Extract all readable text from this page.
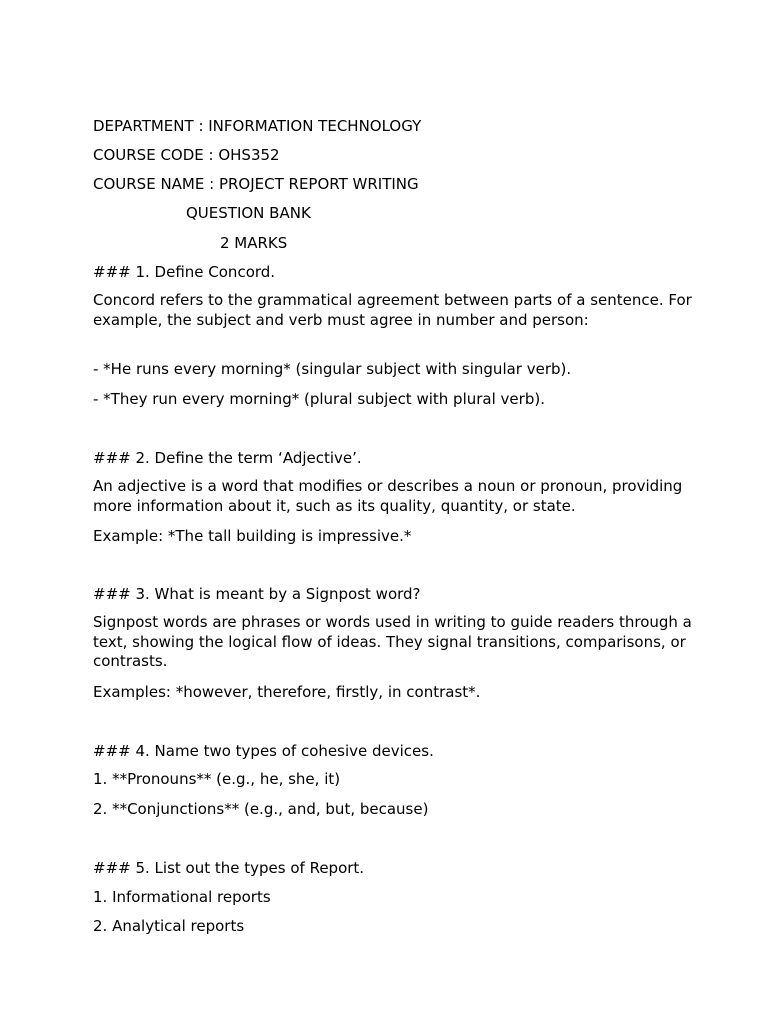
DEPARTMENT : INFORMATION TECHNOLOGY

COURSE CODE : OHS352

COURSE NAME : PROJECT REPORT WRITING

QUESTION BANK

2 MARKS

### 1. Define Concord.

Concord refers to the grammatical agreement between parts of a sentence. For example, the subject and verb must agree in number and person:

- *He runs every morning* (singular subject with singular verb).

- *They run every morning* (plural subject with plural verb).

### 2. Define the term ‘Adjective’.

An adjective is a word that modifies or describes a noun or pronoun, providing more information about it, such as its quality, quantity, or state.

Example: *The tall building is impressive.*

### 3. What is meant by a Signpost word?

Signpost words are phrases or words used in writing to guide readers through a text, showing the logical flow of ideas. They signal transitions, comparisons, or contrasts.

Examples: *however, therefore, firstly, in contrast*.

### 4. Name two types of cohesive devices.

1. **Pronouns** (e.g., he, she, it)

2. **Conjunctions** (e.g., and, but, because)

### 5. List out the types of Report.

1. Informational reports

2. Analytical reports
